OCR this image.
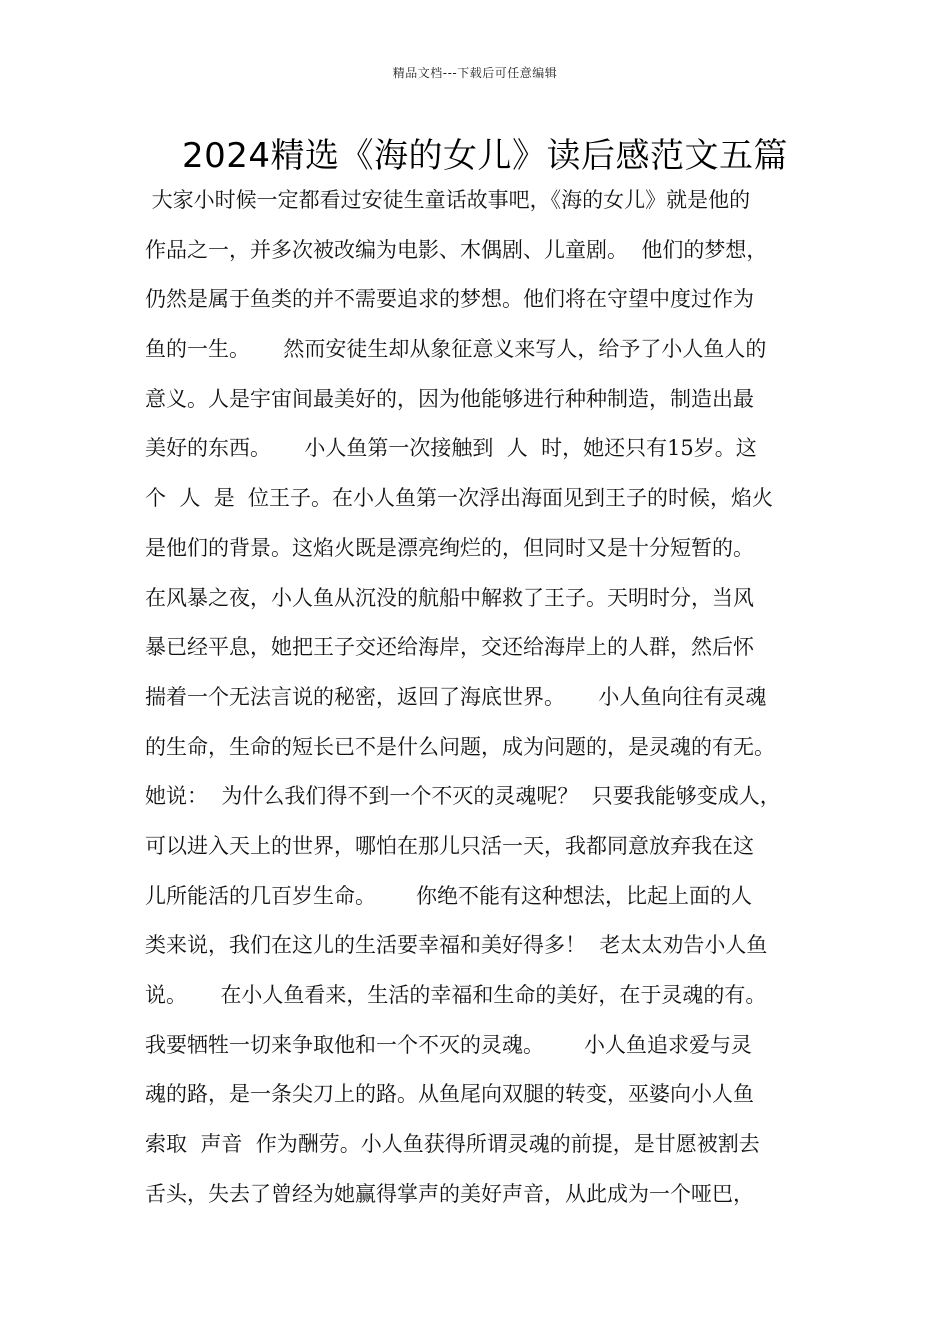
精品文档---下载后可任意编辑
2024精选《海的女儿》读后感范文五篇
大家小时候一定都看过安徒生童话故事吧，《海的女儿》就是他的
作品之一，并多次被改编为电影、木偶剧、儿童剧。  他们的梦想，
仍然是属于鱼类的并不需要追求的梦想。他们将在守望中度过作为
鱼的一生。     然而安徒生却从象征意义来写人，给予了小人鱼人的
意义。人是宇宙间最美好的，因为他能够进行种种制造，制造出最
美好的东西。     小人鱼第一次接触到  人  时，她还只有15岁。这
个  人  是  位王子。在小人鱼第一次浮出海面见到王子的时候，焰火
是他们的背景。这焰火既是漂亮绚烂的，但同时又是十分短暂的。
在风暴之夜，小人鱼从沉没的航船中解救了王子。天明时分，当风
暴已经平息，她把王子交还给海岸，交还给海岸上的人群，然后怀
揣着一个无法言说的秘密，返回了海底世界。     小人鱼向往有灵魂
的生命，生命的短长已不是什么问题，成为问题的，是灵魂的有无。
她说：  为什么我们得不到一个不灭的灵魂呢？  只要我能够变成人，
可以进入天上的世界，哪怕在那儿只活一天，我都同意放弃我在这
儿所能活的几百岁生命。      你绝不能有这种想法，比起上面的人
类来说，我们在这儿的生活要幸福和美好得多！  老太太劝告小人鱼
说。     在小人鱼看来，生活的幸福和生命的美好，在于灵魂的有。
我要牺牲一切来争取他和一个不灭的灵魂。      小人鱼追求爱与灵
魂的路，是一条尖刀上的路。从鱼尾向双腿的转变，巫婆向小人鱼
索取  声音  作为酬劳。小人鱼获得所谓灵魂的前提，是甘愿被割去
舌头，失去了曾经为她赢得掌声的美好声音，从此成为一个哑巴，
